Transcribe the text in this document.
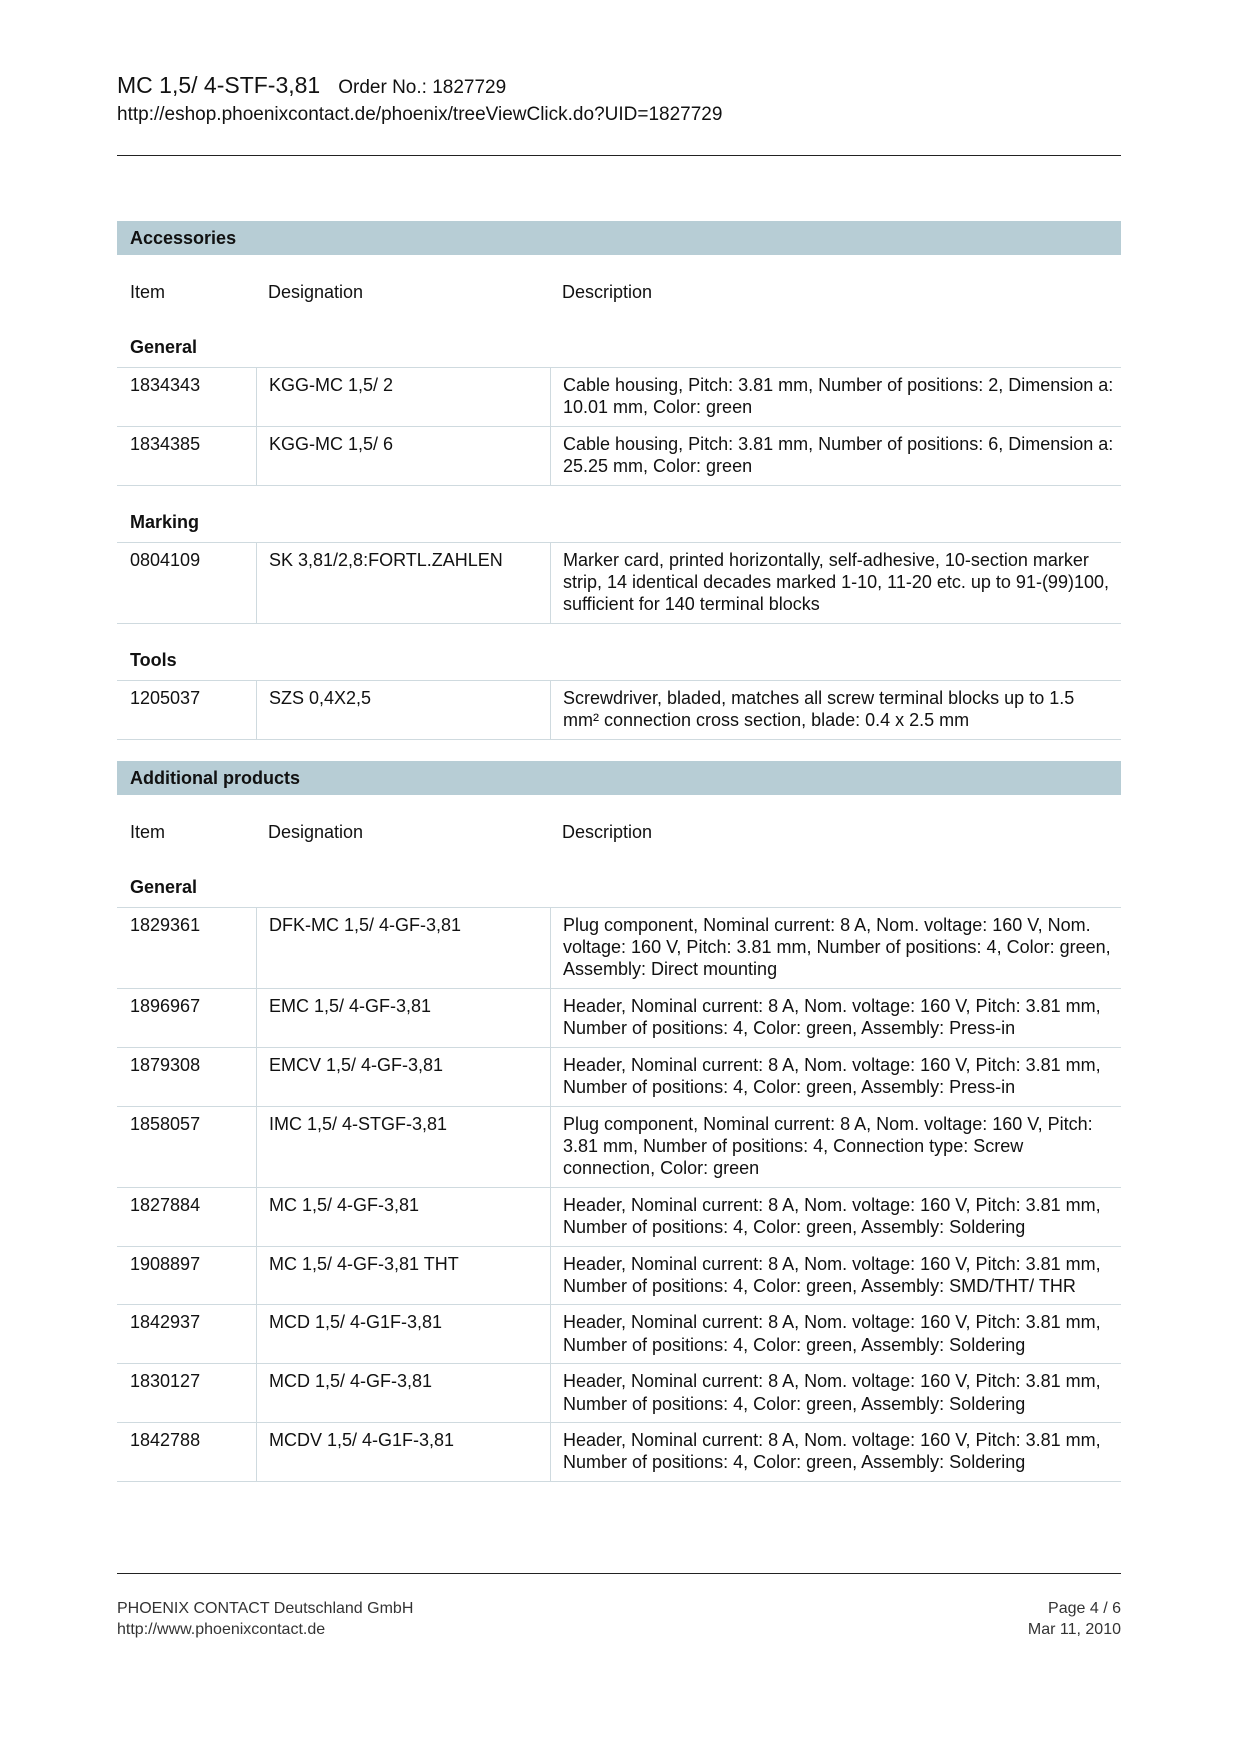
MC 1,5/ 4-STF-3,81 Order No.: 1827729
http://eshop.phoenixcontact.de/phoenix/treeViewClick.do?UID=1827729
Accessories
Item	Designation	Description
General
1834343	KGG-MC 1,5/ 2	Cable housing, Pitch: 3.81 mm, Number of positions: 2, Dimension a: 10.01 mm, Color: green
1834385	KGG-MC 1,5/ 6	Cable housing, Pitch: 3.81 mm, Number of positions: 6, Dimension a: 25.25 mm, Color: green
Marking
0804109	SK 3,81/2,8:FORTL.ZAHLEN	Marker card, printed horizontally, self-adhesive, 10-section marker strip, 14 identical decades marked 1-10, 11-20 etc. up to 91-(99)100, sufficient for 140 terminal blocks
Tools
1205037	SZS 0,4X2,5	Screwdriver, bladed, matches all screw terminal blocks up to 1.5 mm² connection cross section, blade: 0.4 x 2.5 mm
Additional products
Item	Designation	Description
General
1829361	DFK-MC 1,5/ 4-GF-3,81	Plug component, Nominal current: 8 A, Nom. voltage: 160 V, Nom. voltage: 160 V, Pitch: 3.81 mm, Number of positions: 4, Color: green, Assembly: Direct mounting
1896967	EMC 1,5/ 4-GF-3,81	Header, Nominal current: 8 A, Nom. voltage: 160 V, Pitch: 3.81 mm, Number of positions: 4, Color: green, Assembly: Press-in
1879308	EMCV 1,5/ 4-GF-3,81	Header, Nominal current: 8 A, Nom. voltage: 160 V, Pitch: 3.81 mm, Number of positions: 4, Color: green, Assembly: Press-in
1858057	IMC 1,5/ 4-STGF-3,81	Plug component, Nominal current: 8 A, Nom. voltage: 160 V, Pitch: 3.81 mm, Number of positions: 4, Connection type: Screw connection, Color: green
1827884	MC 1,5/ 4-GF-3,81	Header, Nominal current: 8 A, Nom. voltage: 160 V, Pitch: 3.81 mm, Number of positions: 4, Color: green, Assembly: Soldering
1908897	MC 1,5/ 4-GF-3,81 THT	Header, Nominal current: 8 A, Nom. voltage: 160 V, Pitch: 3.81 mm, Number of positions: 4, Color: green, Assembly: SMD/THT/ THR
1842937	MCD 1,5/ 4-G1F-3,81	Header, Nominal current: 8 A, Nom. voltage: 160 V, Pitch: 3.81 mm, Number of positions: 4, Color: green, Assembly: Soldering
1830127	MCD 1,5/ 4-GF-3,81	Header, Nominal current: 8 A, Nom. voltage: 160 V, Pitch: 3.81 mm, Number of positions: 4, Color: green, Assembly: Soldering
1842788	MCDV 1,5/ 4-G1F-3,81	Header, Nominal current: 8 A, Nom. voltage: 160 V, Pitch: 3.81 mm, Number of positions: 4, Color: green, Assembly: Soldering
PHOENIX CONTACT Deutschland GmbH
http://www.phoenixcontact.de
Page 4 / 6
Mar 11, 2010
